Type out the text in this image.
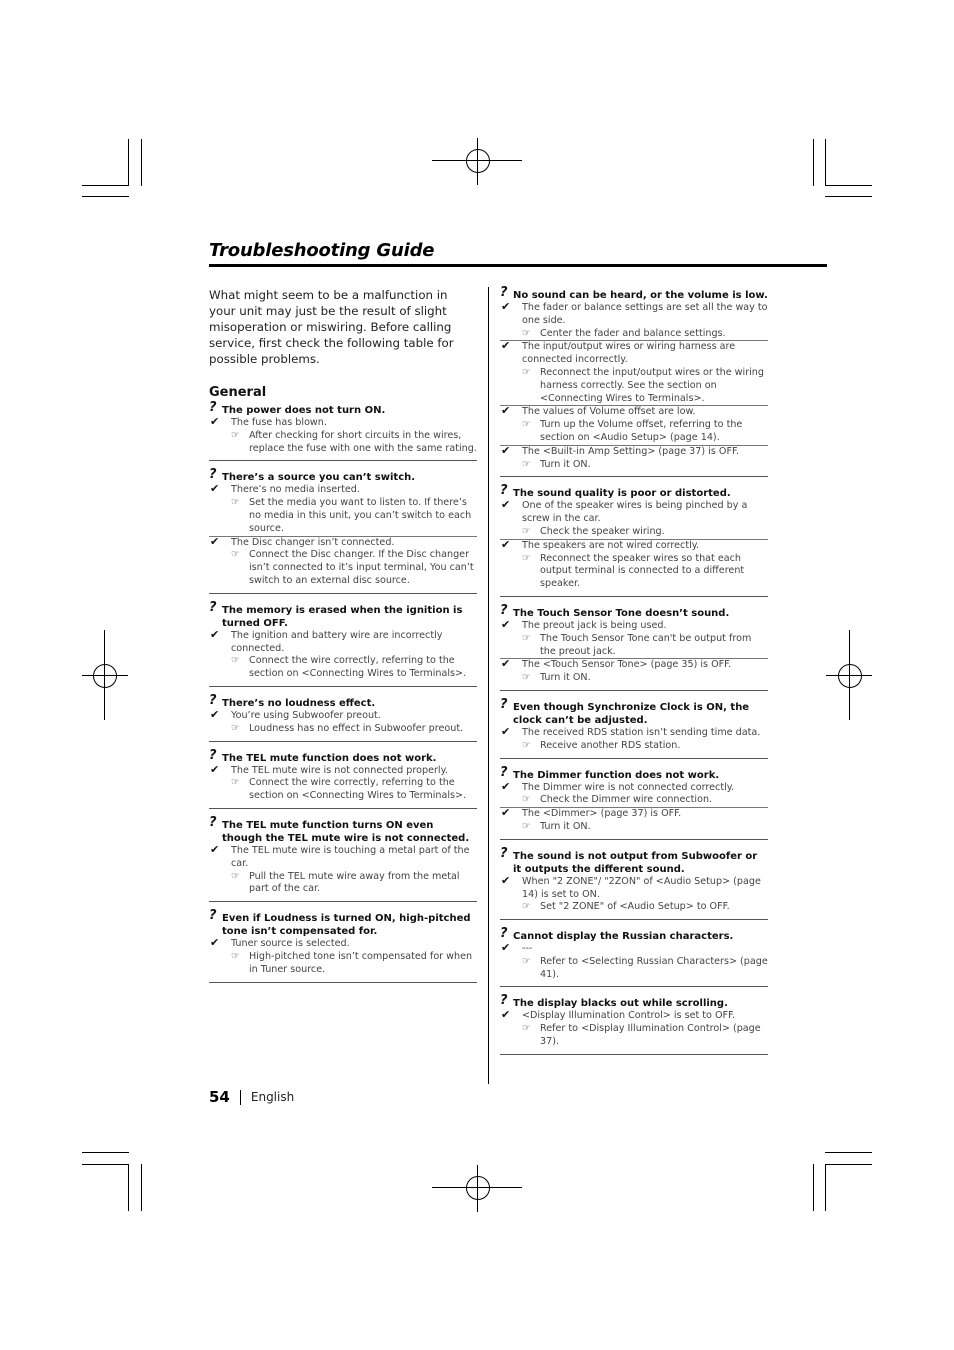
Troubleshooting Guide

What might seem to be a malfunction in your unit may just be the result of slight misoperation or miswiring. Before calling service, first check the following table for possible problems.

General
? The power does not turn ON.
✔ The fuse has blown.
☞ After checking for short circuits in the wires, replace the fuse with one with the same rating.
? There’s a source you can’t switch.
✔ There’s no media inserted.
☞ Set the media you want to listen to. If there’s no media in this unit, you can’t switch to each source.
✔ The Disc changer isn’t connected.
☞ Connect the Disc changer. If the Disc changer isn’t connected to it’s input terminal, You can’t switch to an external disc source.
? The memory is erased when the ignition is turned OFF.
✔ The ignition and battery wire are incorrectly connected.
☞ Connect the wire correctly, referring to the section on <Connecting Wires to Terminals>.
? There’s no loudness effect.
✔ You’re using Subwoofer preout.
☞ Loudness has no effect in Subwoofer preout.
? The TEL mute function does not work.
✔ The TEL mute wire is not connected properly.
☞ Connect the wire correctly, referring to the section on <Connecting Wires to Terminals>.
? The TEL mute function turns ON even though the TEL mute wire is not connected.
✔ The TEL mute wire is touching a metal part of the car.
☞ Pull the TEL mute wire away from the metal part of the car.
? Even if Loudness is turned ON, high-pitched tone isn’t compensated for.
✔ Tuner source is selected.
☞ High-pitched tone isn’t compensated for when in Tuner source.
? No sound can be heard, or the volume is low.
✔ The fader or balance settings are set all the way to one side.
☞ Center the fader and balance settings.
✔ The input/output wires or wiring harness are connected incorrectly.
☞ Reconnect the input/output wires or the wiring harness correctly. See the section on <Connecting Wires to Terminals>.
✔ The values of Volume offset are low.
☞ Turn up the Volume offset, referring to the section on <Audio Setup> (page 14).
✔ The <Built-in Amp Setting> (page 37) is OFF.
☞ Turn it ON.
? The sound quality is poor or distorted.
✔ One of the speaker wires is being pinched by a screw in the car.
☞ Check the speaker wiring.
✔ The speakers are not wired correctly.
☞ Reconnect the speaker wires so that each output terminal is connected to a different speaker.
? The Touch Sensor Tone doesn’t sound.
✔ The preout jack is being used.
☞ The Touch Sensor Tone can't be output from the preout jack.
✔ The <Touch Sensor Tone> (page 35) is OFF.
☞ Turn it ON.
? Even though Synchronize Clock is ON, the clock can’t be adjusted.
✔ The received RDS station isn’t sending time data.
☞ Receive another RDS station.
? The Dimmer function does not work.
✔ The Dimmer wire is not connected correctly.
☞ Check the Dimmer wire connection.
✔ The <Dimmer> (page 37) is OFF.
☞ Turn it ON.
? The sound is not output from Subwoofer or it outputs the different sound.
✔ When "2 ZONE"/ "2ZON" of <Audio Setup> (page 14) is set to ON.
☞ Set "2 ZONE" of <Audio Setup> to OFF.
? Cannot display the Russian characters.
✔ ---
☞ Refer to <Selecting Russian Characters> (page 41).
? The display blacks out while scrolling.
✔ <Display Illumination Control> is set to OFF.
☞ Refer to <Display Illumination Control> (page 37).
54 English
